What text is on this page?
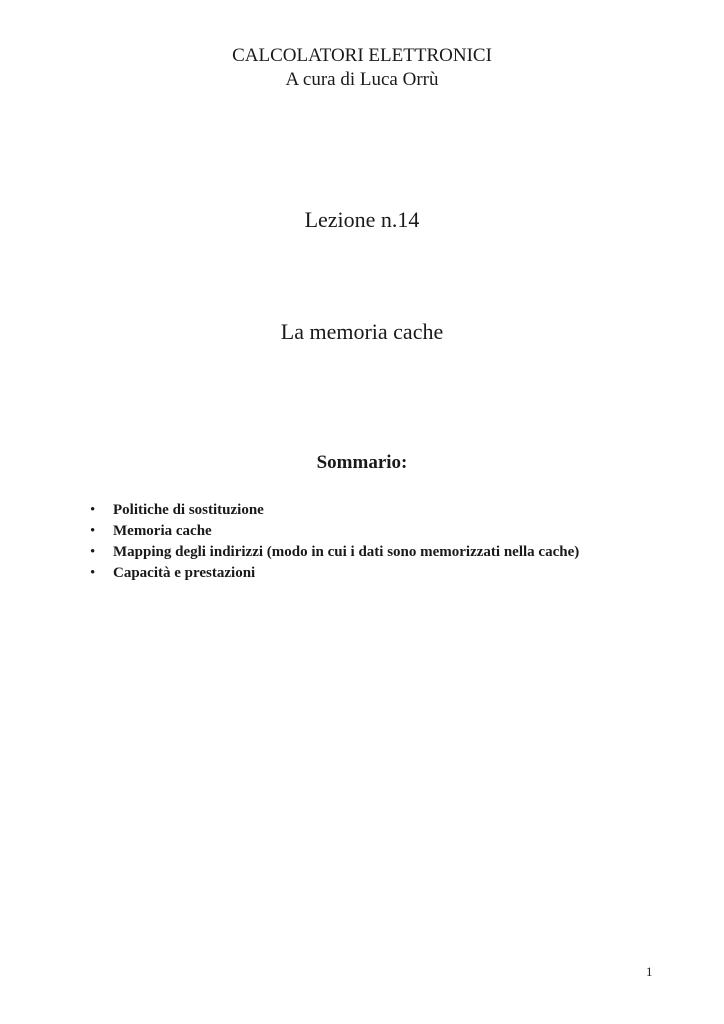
CALCOLATORI ELETTRONICI
A cura di Luca Orrù
Lezione n.14
La memoria cache
Sommario:
• Politiche di sostituzione
• Memoria cache
• Mapping degli indirizzi (modo in cui i dati sono memorizzati nella cache)
• Capacità e prestazioni
1
